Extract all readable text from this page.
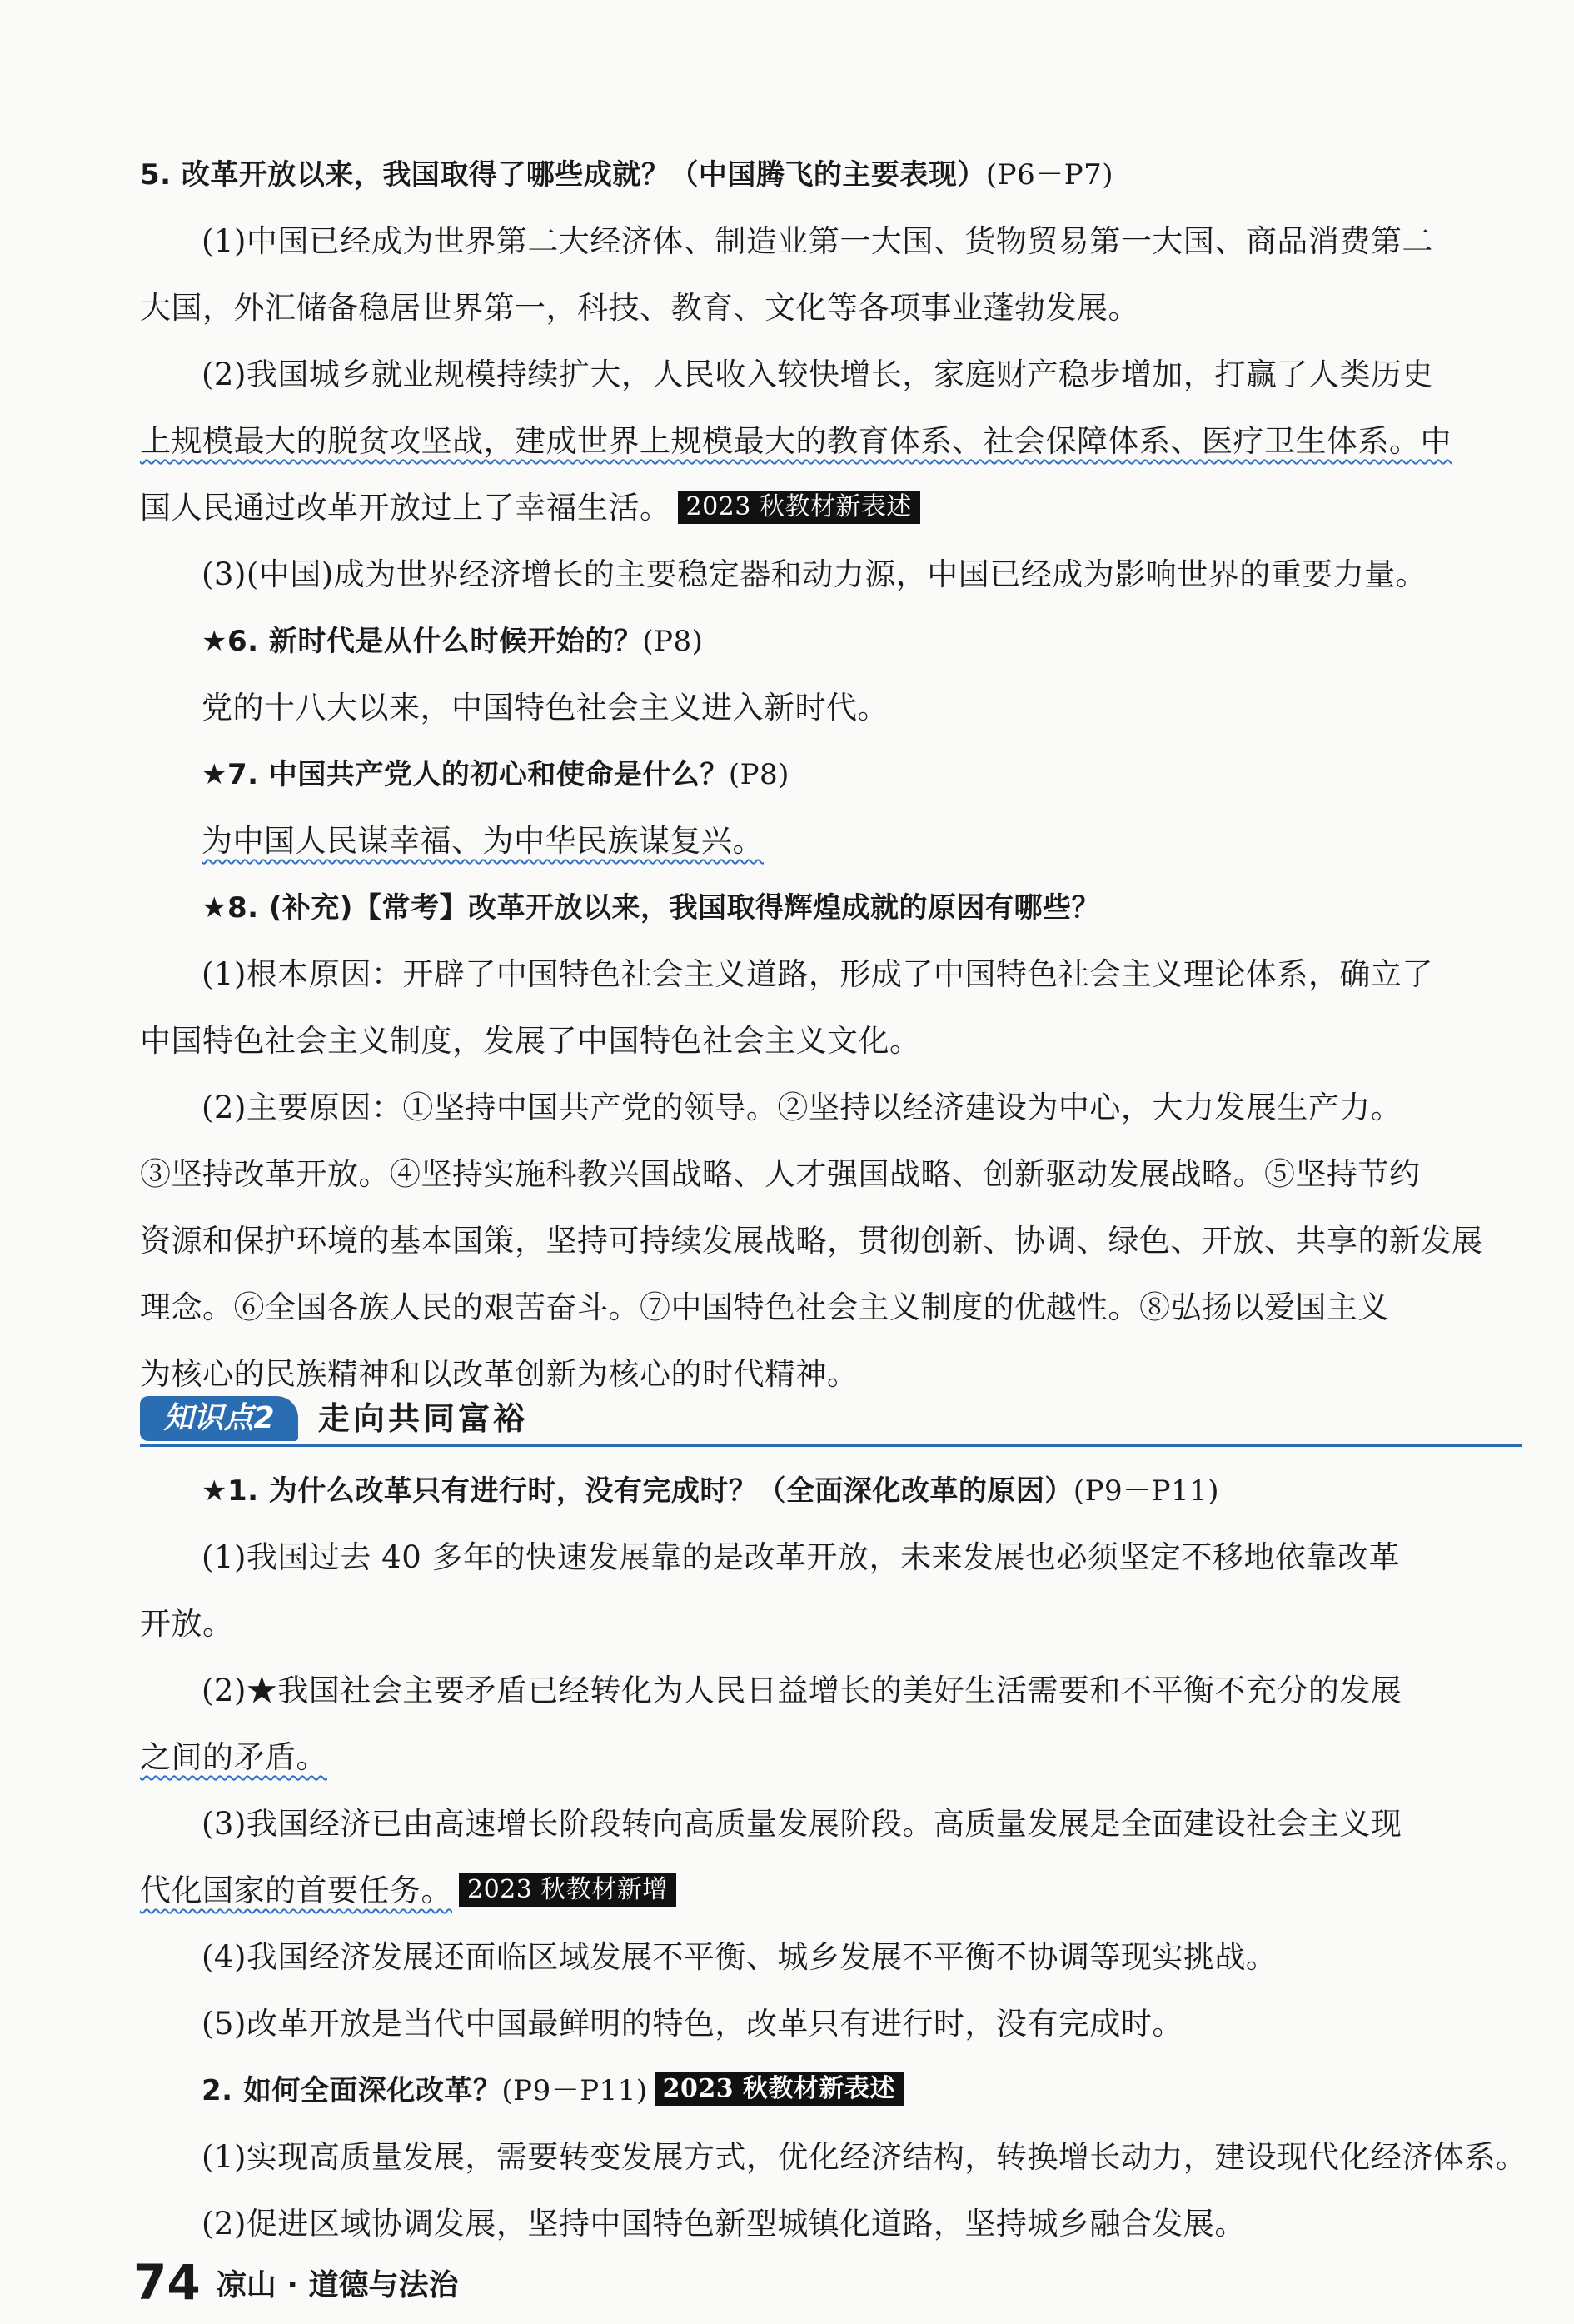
5. 改革开放以来，我国取得了哪些成就？（中国腾飞的主要表现）(P6－P7)
(1)中国已经成为世界第二大经济体、制造业第一大国、货物贸易第一大国、商品消费第二
大国，外汇储备稳居世界第一，科技、教育、文化等各项事业蓬勃发展。
(2)我国城乡就业规模持续扩大，人民收入较快增长，家庭财产稳步增加，打赢了人类历史
上规模最大的脱贫攻坚战，建成世界上规模最大的教育体系、社会保障体系、医疗卫生体系。中
国人民通过改革开放过上了幸福生活。 2023 秋教材新表述
(3)(中国)成为世界经济增长的主要稳定器和动力源，中国已经成为影响世界的重要力量。
★6. 新时代是从什么时候开始的？(P8)
党的十八大以来，中国特色社会主义进入新时代。
★7. 中国共产党人的初心和使命是什么？(P8)
为中国人民谋幸福、为中华民族谋复兴。
★8. (补充)【常考】改革开放以来，我国取得辉煌成就的原因有哪些？
(1)根本原因：开辟了中国特色社会主义道路，形成了中国特色社会主义理论体系，确立了
中国特色社会主义制度，发展了中国特色社会主义文化。
(2)主要原因：①坚持中国共产党的领导。②坚持以经济建设为中心，大力发展生产力。
③坚持改革开放。④坚持实施科教兴国战略、人才强国战略、创新驱动发展战略。⑤坚持节约
资源和保护环境的基本国策，坚持可持续发展战略，贯彻创新、协调、绿色、开放、共享的新发展
理念。⑥全国各族人民的艰苦奋斗。⑦中国特色社会主义制度的优越性。⑧弘扬以爱国主义
为核心的民族精神和以改革创新为核心的时代精神。
知识点2	走向共同富裕
★1. 为什么改革只有进行时，没有完成时？（全面深化改革的原因）(P9－P11)
(1)我国过去 40 多年的快速发展靠的是改革开放，未来发展也必须坚定不移地依靠改革
开放。
(2)★我国社会主要矛盾已经转化为人民日益增长的美好生活需要和不平衡不充分的发展
之间的矛盾。
(3)我国经济已由高速增长阶段转向高质量发展阶段。高质量发展是全面建设社会主义现
代化国家的首要任务。 2023 秋教材新增
(4)我国经济发展还面临区域发展不平衡、城乡发展不平衡不协调等现实挑战。
(5)改革开放是当代中国最鲜明的特色，改革只有进行时，没有完成时。
2. 如何全面深化改革？(P9－P11) 2023 秋教材新表述
(1)实现高质量发展，需要转变发展方式，优化经济结构，转换增长动力，建设现代化经济体系。
(2)促进区域协调发展，坚持中国特色新型城镇化道路，坚持城乡融合发展。
74 凉山 · 道德与法治
